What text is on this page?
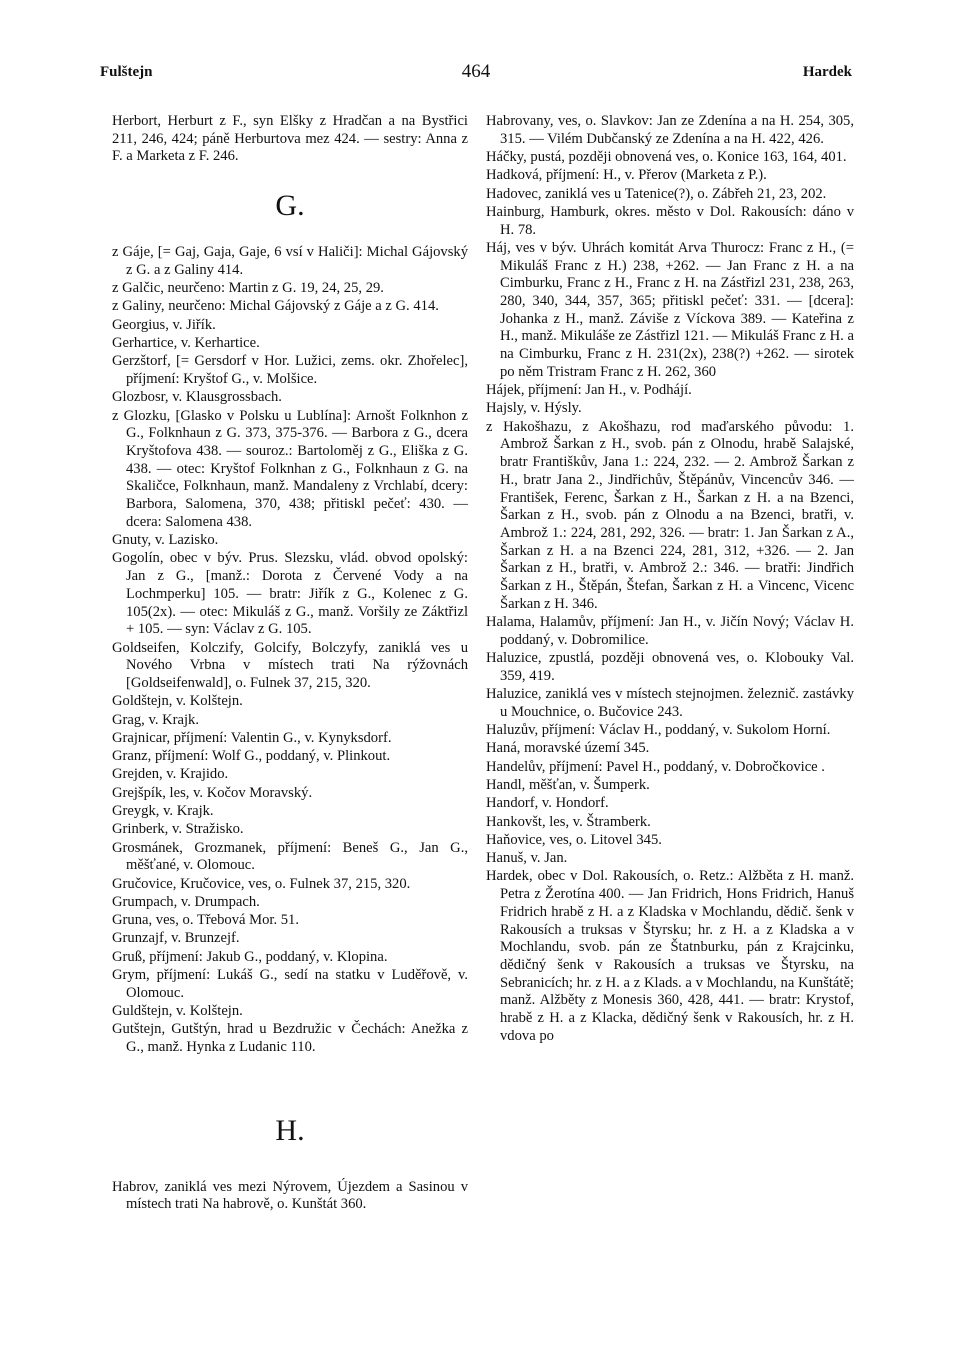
Fulštejn	464	Hardek
Herbort, Herburt z F., syn Elšky z Hradčan a na Bystřici 211, 246, 424; páně Herburtova mez 424. — sestry: Anna z F. a Marketa z F. 246.
G.
z Gáje, [= Gaj, Gaja, Gaje, 6 vsí v Haliči]: Michal Gájovský z G. a z Galiny 414.
z Galčic, neurčeno: Martin z G. 19, 24, 25, 29.
z Galiny, neurčeno: Michal Gájovský z Gáje a z G. 414.
Georgius, v. Jiřík.
Gerhartice, v. Kerhartice.
Gerzštorf, [= Gersdorf v Hor. Lužici, zems. okr. Zhořelec], příjmení: Kryštof G., v. Molšice.
Glozbosr, v. Klausgrossbach.
z Glozku, [Glasko v Polsku u Lublína]: Arnošt Folknhon z G., Folknhaun z G. 373, 375-376. — Barbora z G., dcera Kryštofova 438. — souroz.: Bartoloměj z G., Eliška z G. 438. — otec: Kryštof Folknhan z G., Folknhaun z G. na Skaličce, Folknhaun, manž. Mandaleny z Vrchlabí, dcery: Barbora, Salomena, 370, 438; přitiskl pečeť: 430. — dcera: Salomena 438.
Gnuty, v. Lazisko.
Gogolín, obec v býv. Prus. Slezsku, vlád. obvod opolský: Jan z G., [manž.: Dorota z Červené Vody a na Lochmperku] 105. — bratr: Jiřík z G., Kolenec z G. 105(2x). — otec: Mikuláš z G., manž. Voršily ze Záktřizl + 105. — syn: Václav z G. 105.
Goldseifen, Kolczify, Golcify, Bolczyfy, zaniklá ves u Nového Vrbna v místech trati Na rýžovnách [Goldseifenwald], o. Fulnek 37, 215, 320.
Goldštejn, v. Kolštejn.
Grag, v. Krajk.
Grajnicar, příjmení: Valentin G., v. Kynyksdorf.
Granz, příjmení: Wolf G., poddaný, v. Plinkout.
Grejden, v. Krajido.
Grejšpík, les, v. Kočov Moravský.
Greygk, v. Krajk.
Grinberk, v. Stražisko.
Grosmánek, Grozmanek, příjmení: Beneš G., Jan G., měšťané, v. Olomouc.
Gručovice, Kručovice, ves, o. Fulnek 37, 215, 320.
Grumpach, v. Drumpach.
Gruna, ves, o. Třebová Mor. 51.
Grunzajf, v. Brunzejf.
Gruß, příjmení: Jakub G., poddaný, v. Klopina.
Grym, příjmení: Lukáš G., sedí na statku v Luděřově, v. Olomouc.
Guldštejn, v. Kolštejn.
Gutštejn, Gutštýn, hrad u Bezdružic v Čechách: Anežka z G., manž. Hynka z Ludanic 110.
H.
Habrov, zaniklá ves mezi Nýrovem, Újezdem a Sasinou v místech trati Na habrově, o. Kunštát 360.
Habrovany, ves, o. Slavkov: Jan ze Zdenína a na H. 254, 305, 315. — Vilém Dubčanský ze Zdenína a na H. 422, 426.
Háčky, pustá, později obnovená ves, o. Konice 163, 164, 401.
Hadková, příjmení: H., v. Přerov (Marketa z P.).
Hadovec, zaniklá ves u Tatenice(?), o. Zábřeh 21, 23, 202.
Hainburg, Hamburk, okres. město v Dol. Rakousích: dáno v H. 78.
Háj, ves v býv. Uhrách komitát Arva Thurocz: Franc z H., (= Mikuláš Franc z H.) 238, +262. — Jan Franc z H. a na Cimburku, Franc z H., Franc z H. na Zástřizl 231, 238, 263, 280, 340, 344, 357, 365; přitiskl pečeť: 331. — [dcera]: Johanka z H., manž. Záviše z Víckova 389. — Kateřina z H., manž. Mikuláše ze Zástřizl 121. — Mikuláš Franc z H. a na Cimburku, Franc z H. 231(2x), 238(?) +262. — sirotek po něm Tristram Franc z H. 262, 360
Hájek, příjmení: Jan H., v. Podhájí.
Hajsly, v. Hýsly.
z Hakošhazu, z Akošhazu, rod maďarského původu: 1. Ambrož Šarkan z H., svob. pán z Olnodu, hrabě Salajské, bratr Františkův, Jana 1.: 224, 232. — 2. Ambrož Šarkan z H., bratr Jana 2., Jindřichův, Štěpánův, Vincencův 346. — František, Ferenc, Šarkan z H., Šarkan z H. a na Bzenci, Šarkan z H., svob. pán z Olnodu a na Bzenci, bratři, v. Ambrož 1.: 224, 281, 292, 326. — bratr: 1. Jan Šarkan z A., Šarkan z H. a na Bzenci 224, 281, 312, +326. — 2. Jan Šarkan z H., bratři, v. Ambrož 2.: 346. — bratři: Jindřich Šarkan z H., Štěpán, Štefan, Šarkan z H. a Vincenc, Vicenc Šarkan z H. 346.
Halama, Halamův, příjmení: Jan H., v. Jičín Nový; Václav H. poddaný, v. Dobromilice.
Haluzice, zpustlá, později obnovená ves, o. Klobouky Val. 359, 419.
Haluzice, zaniklá ves v místech stejnojmen. železnič. zastávky u Mouchnice, o. Bučovice 243.
Haluzův, příjmení: Václav H., poddaný, v. Sukolom Horní.
Haná, moravské území 345.
Handelův, příjmení: Pavel H., poddaný, v. Dobročkovice .
Handl, měšťan, v. Šumperk.
Handorf, v. Hondorf.
Hankovšt, les, v. Štramberk.
Haňovice, ves, o. Litovel 345.
Hanuš, v. Jan.
Hardek, obec v Dol. Rakousích, o. Retz.: Alžběta z H. manž. Petra z Žerotína 400. — Jan Fridrich, Hons Fridrich, Hanuš Fridrich hrabě z H. a z Kladska v Mochlandu, dědič. šenk v Rakousích a truksas v Štyrsku; hr. z H. a z Kladska a v Mochlandu, svob. pán ze Štatnburku, pán z Krajcinku, dědičný šenk v Rakousích a truksas ve Štyrsku, na Sebranicích; hr. z H. a z Klads. a v Mochlandu, na Kunštátě; manž. Alžběty z Monesis 360, 428, 441. — bratr: Krystof, hrabě z H. a z Klacka, dědičný šenk v Rakousích, hr. z H. vdova po
